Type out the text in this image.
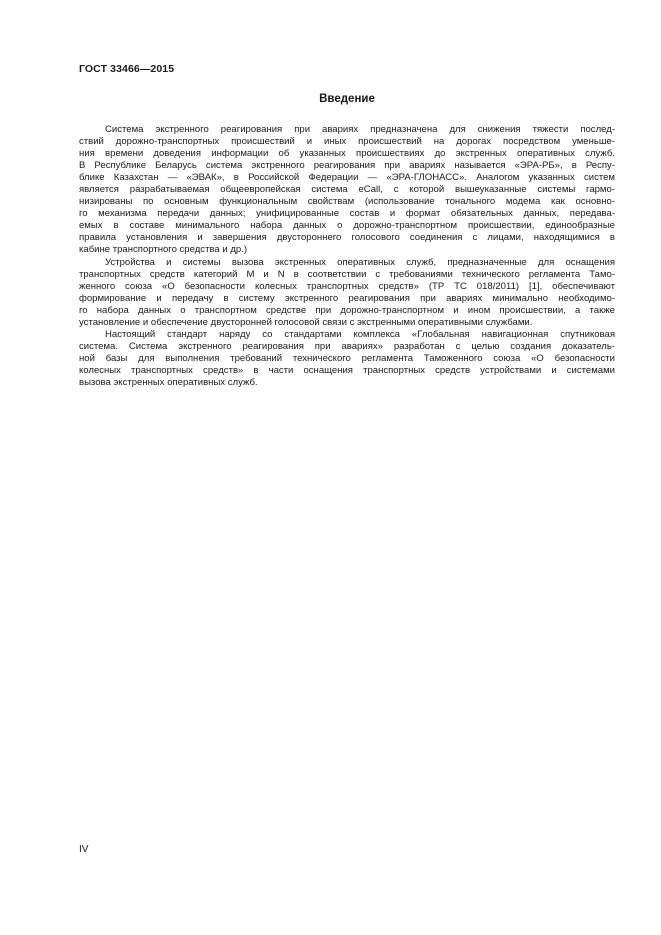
ГОСТ 33466—2015
Введение

Система экстренного реагирования при авариях предназначена для снижения тяжести послед-
ствий дорожно-транспортных происшествий и иных происшествий на дорогах посредством уменьше-
ния времени доведения информации об указанных происшествиях до экстренных оперативных служб.
В Республике Беларусь система экстренного реагирования при авариях называется «ЭРА-РБ», в Респу-
блике Казахстан — «ЭВАК», в Российской Федерации — «ЭРА-ГЛОНАСС». Аналогом указанных систем
является разрабатываемая общеевропейская система eCall, с которой вышеуказанные системы гармо-
низированы по основным функциональным свойствам (использование тонального модема как основно-
го механизма передачи данных; унифицированные состав и формат обязательных данных, передава-
емых в составе минимального набора данных о дорожно-транспортном происшествии, единообразные
правила установления и завершения двустороннего голосового соединения с лицами, находящимися в
кабине транспортного средства и др.)

Устройства и системы вызова экстренных оперативных служб, предназначенные для оснащения
транспортных средств категорий M и N в соответствии с требованиями технического регламента Тамо-
женного союза «О безопасности колесных транспортных средств» (ТР ТС 018/2011) [1], обеспечивают
формирование и передачу в систему экстренного реагирования при авариях минимально необходимо-
го набора данных о транспортном средстве при дорожно-транспортном и ином происшествии, а также
установление и обеспечение двусторонней голосовой связи с экстренными оперативными службами.

Настоящий стандарт наряду со стандартами комплекса «Глобальная навигационная спутниковая
система. Система экстренного реагирования при авариях» разработан с целью создания доказатель-
ной базы для выполнения требований технического регламента Таможенного союза «О безопасности
колесных транспортных средств» в части оснащения транспортных средств устройствами и системами
вызова экстренных оперативных служб.

IV
